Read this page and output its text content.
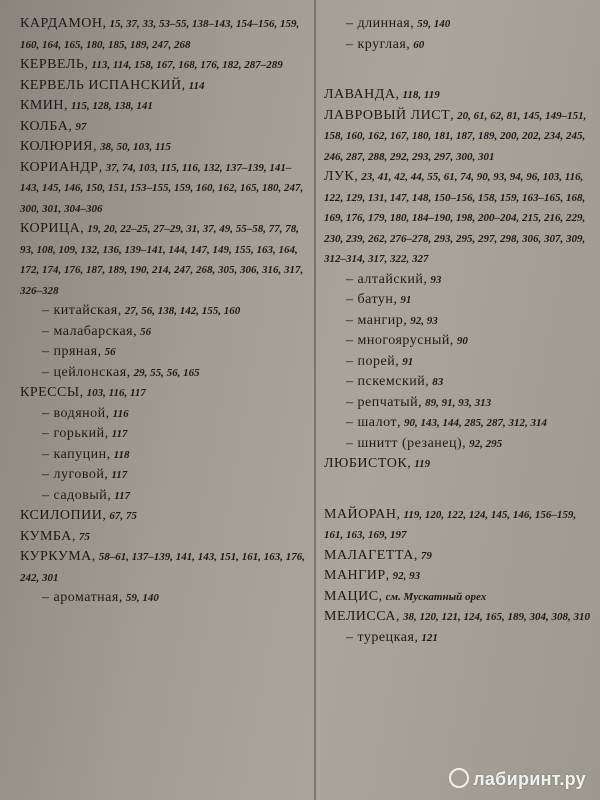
КАРДАМОН, 15, 37, 33, 53–55, 138–143, 154–156, 159, 160, 164, 165, 180, 185, 189, 247, 268

КЕРВЕЛЬ, 113, 114, 158, 167, 168, 176, 182, 287–289

КЕРВЕЛЬ ИСПАНСКИЙ, 114

КМИН, 115, 128, 138, 141

КОЛБА, 97

КОЛЮРИЯ, 38, 50, 103, 115

КОРИАНДР, 37, 74, 103, 115, 116, 132, 137–139, 141–143, 145, 146, 150, 151, 153–155, 159, 160, 162, 165, 180, 247, 300, 301, 304–306

КОРИЦА, 19, 20, 22–25, 27–29, 31, 37, 49, 55–58, 77, 78, 93, 108, 109, 132, 136, 139–141, 144, 147, 149, 155, 163, 164, 172, 174, 176, 187, 189, 190, 214, 247, 268, 305, 306, 316, 317, 326–328

– китайская, 27, 56, 138, 142, 155, 160

– малабарская, 56

– пряная, 56

– цейлонская, 29, 55, 56, 165

КРЕССЫ, 103, 116, 117

– водяной, 116

– горький, 117

– капуцин, 118

– луговой, 117

– садовый, 117

КСИЛОПИИ, 67, 75

КУМБА, 75

КУРКУМА, 58–61, 137–139, 141, 143, 151, 161, 163, 176, 242, 301

– ароматная, 59, 140

– длинная, 59, 140

– круглая, 60

ЛАВАНДА, 118, 119

ЛАВРОВЫЙ ЛИСТ, 20, 61, 62, 81, 145, 149–151, 158, 160, 162, 167, 180, 181, 187, 189, 200, 202, 234, 245, 246, 287, 288, 292, 293, 297, 300, 301

ЛУК, 23, 41, 42, 44, 55, 61, 74, 90, 93, 94, 96, 103, 116, 122, 129, 131, 147, 148, 150–156, 158, 159, 163–165, 168, 169, 176, 179, 180, 184–190, 198, 200–204, 215, 216, 229, 230, 239, 262, 276–278, 293, 295, 297, 298, 306, 307, 309, 312–314, 317, 322, 327

– алтайский, 93

– батун, 91

– мангир, 92, 93

– многоярусный, 90

– порей, 91

– пскемский, 83

– репчатый, 89, 91, 93, 313

– шалот, 90, 143, 144, 285, 287, 312, 314

– шнитт (резанец), 92, 295

ЛЮБИСТОК, 119

МАЙОРАН, 119, 120, 122, 124, 145, 146, 156–159, 161, 163, 169, 197

МАЛАГЕТТА, 79

МАНГИР, 92, 93

МАЦИС, см. Мускатный орех

МЕЛИССА, 38, 120, 121, 124, 165, 189, 304, 308, 310

– турецкая, 121

лабиринт.ру
